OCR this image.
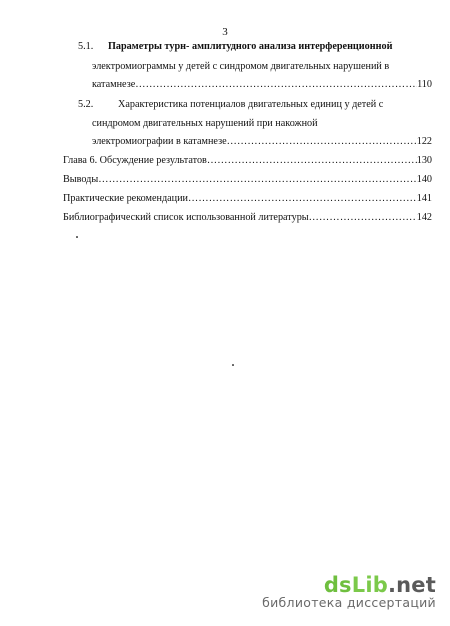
3
5.1. Параметры турн- амплитудного анализа интерференционной
электромиограммы у детей с синдромом двигательных нарушений в
катамнезе ……………………………………………………………………………………………………………………………………	110
5.2. Характеристика потенциалов двигательных единиц у детей с
синдромом двигательных нарушений при накожной
электромиографии в катамнезе ……………………………………………………………………………………………………………………………………	122
Глава 6. Обсуждение результатов ……………………………………………………………………………………………………………………………………	130
Выводы ……………………………………………………………………………………………………………………………………	140
Практические рекомендации ……………………………………………………………………………………………………………………………………	141
Библиографический список использованной литературы ……………………………………………………………………………………………………………………………………	142
dsLib.net
библиотека диссертаций
